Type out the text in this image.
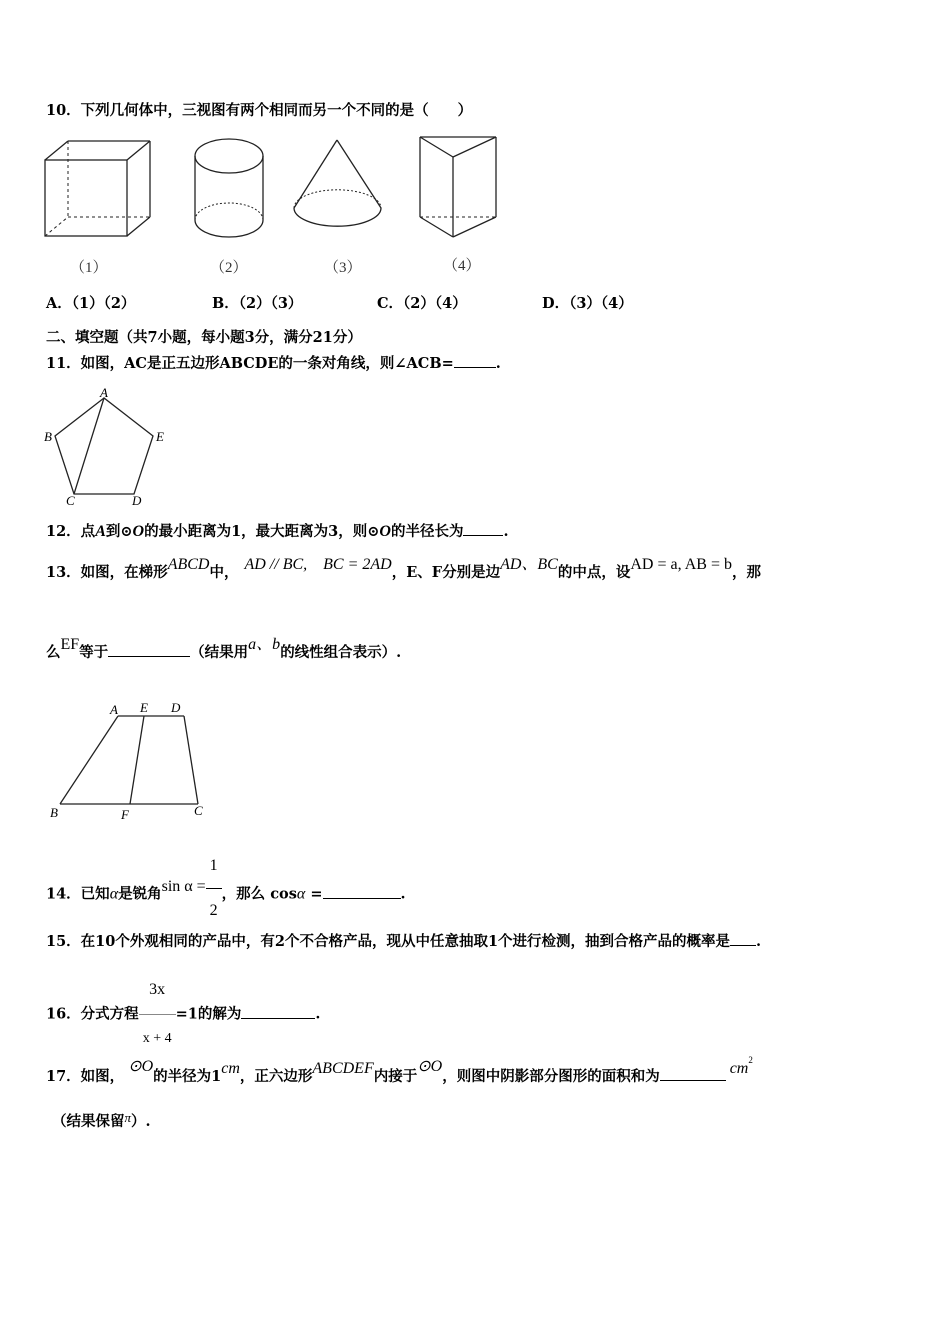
10．下列几何体中，三视图有两个相同而另一个不同的是（　　）
（1）	（2）	（3）	（4）
A．（1）（2）	B．（2）（3）	C．（2）（4）	D．（3）（4）
二、填空题（共7小题，每小题3分，满分21分）
11．如图，AC是正五边形ABCDE的一条对角线，则∠ACB=	.
A
B
C	D
E
12．点A到⊙O的最小距离为1，最大距离为3，则⊙O的半径长为	.
13．如图，在梯形ABCD中， AD // BC, BC = 2AD，E、F分别是边AD、BC的中点，设AD = a, AB = b，那
么EF等于	（结果用a、b的线性组合表示）.
A E D
B	F	C
14．已知α是锐角$\sin \alpha = \frac{1}{2}$ ，那么 cosα =	.
15．在10个外观相同的产品中，有2个不合格产品，现从中任意抽取1个进行检测，抽到合格产品的概率是 .
16．分式方程 $\frac{3x}{x + 4} =1$的解为	.
17．如图，⊙O的半径为1cm，正六边形ABCDEF内接于⊙O，则图中阴影部分图形的面积和为	$cm^2$
（结果保留π）.
